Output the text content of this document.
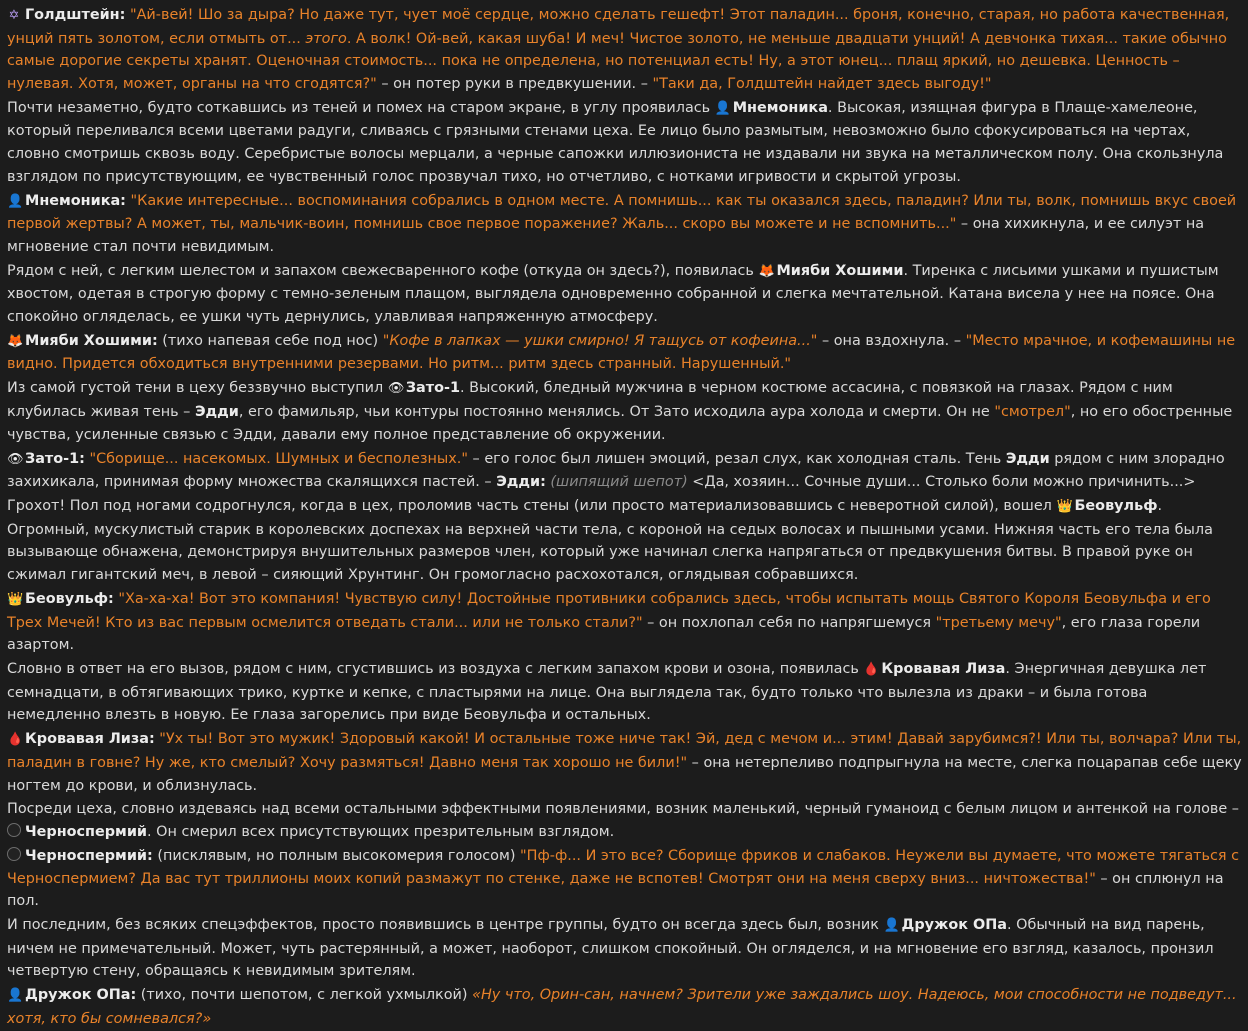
✡ Голдштейн: "Ай-вей! Шо за дыра? Но даже тут, чует моё сердце, можно сделать гешефт! Этот паладин... броня, конечно, старая, но работа качественная, унций пять золотом, если отмыть от... этого. А волк! Ой-вей, какая шуба! И меч! Чистое золото, не меньше двадцати унций! А девчонка тихая... такие обычно самые дорогие секреты хранят. Оценочная стоимость... пока не определена, но потенциал есть! Ну, а этот юнец... плащ яркий, но дешевка. Ценность – нулевая. Хотя, может, органы на что сгодятся?" – он потер руки в предвкушении. – "Таки да, Голдштейн найдет здесь выгоду!"

Почти незаметно, будто соткавшись из теней и помех на старом экране, в углу проявилась 👤 Мнемоника. Высокая, изящная фигура в Плаще-хамелеоне, который переливался всеми цветами радуги, сливаясь с грязными стенами цеха. Ее лицо было размытым, невозможно было сфокусироваться на чертах, словно смотришь сквозь воду. Серебристые волосы мерцали, а черные сапожки иллюзиониста не издавали ни звука на металлическом полу. Она скользнула взглядом по присутствующим, ее чувственный голос прозвучал тихо, но отчетливо, с нотками игривости и скрытой угрозы.

👤 Мнемоника: "Какие интересные... воспоминания собрались в одном месте. А помнишь... как ты оказался здесь, паладин? Или ты, волк, помнишь вкус своей первой жертвы? А может, ты, мальчик-воин, помнишь свое первое поражение? Жаль... скоро вы можете и не вспомнить..." – она хихикнула, и ее силуэт на мгновение стал почти невидимым.

Рядом с ней, с легким шелестом и запахом свежесваренного кофе (откуда он здесь?), появилась 🦊 Мияби Хошими. Тиренка с лисьими ушками и пушистым хвостом, одетая в строгую форму с темно-зеленым плащом, выглядела одновременно собранной и слегка мечтательной. Катана висела у нее на поясе. Она спокойно огляделась, ее ушки чуть дернулись, улавливая напряженную атмосферу.

🦊 Мияби Хошими: (тихо напевая себе под нос) "Кофе в лапках — ушки смирно! Я тащусь от кофеина..." – она вздохнула. – "Место мрачное, и кофемашины не видно. Придется обходиться внутренними резервами. Но ритм... ритм здесь странный. Нарушенный."

Из самой густой тени в цеху беззвучно выступил 👁Зато-1. Высокий, бледный мужчина в черном костюме ассасина, с повязкой на глазах. Рядом с ним клубилась живая тень – Эдди, его фамильяр, чьи контуры постоянно менялись. От Зато исходила аура холода и смерти. Он не "смотрел", но его обостренные чувства, усиленные связью с Эдди, давали ему полное представление об окружении.

👁Зато-1: "Сборище... насекомых. Шумных и бесполезных." – его голос был лишен эмоций, резал слух, как холодная сталь. Тень Эдди рядом с ним злорадно захихикала, принимая форму множества скалящихся пастей. – Эдди: (шипящий шепот) <Да, хозяин... Сочные души... Столько боли можно причинить...>

Грохот! Пол под ногами содрогнулся, когда в цех, проломив часть стены (или просто материализовавшись с неверотной силой), вошел 👑 Беовульф. Огромный, мускулистый старик в королевских доспехах на верхней части тела, с короной на седых волосах и пышными усами. Нижняя часть его тела была вызывающе обнажена, демонстрируя внушительных размеров член, который уже начинал слегка напрягаться от предвкушения битвы. В правой руке он сжимал гигантский меч, в левой – сияющий Хрунтинг. Он громогласно расхохотался, оглядывая собравшихся.

👑 Беовульф: "Ха-ха-ха! Вот это компания! Чувствую силу! Достойные противники собрались здесь, чтобы испытать мощь Святого Короля Беовульфа и его Трех Мечей! Кто из вас первым осмелится отведать стали... или не только стали?" – он похлопал себя по напрягшемуся "третьему мечу", его глаза горели азартом.

Словно в ответ на его вызов, рядом с ним, сгустившись из воздуха с легким запахом крови и озона, появилась 🩸 Кровавая Лиза. Энергичная девушка лет семнадцати, в обтягивающих трико, куртке и кепке, с пластырями на лице. Она выглядела так, будто только что вылезла из драки – и была готова немедленно влезть в новую. Ее глаза загорелись при виде Беовульфа и остальных.

🩸 Кровавая Лиза: "Ух ты! Вот это мужик! Здоровый какой! И остальные тоже ниче так! Эй, дед с мечом и... этим! Давай зарубимся?! Или ты, волчара? Или ты, паладин в говне? Ну же, кто смелый? Хочу размяться! Давно меня так хорошо не били!" – она нетерпеливо подпрыгнула на месте, слегка поцарапав себе щеку ногтем до крови, и облизнулась.

Посреди цеха, словно издеваясь над всеми остальными эффектными появлениями, возник маленький, черный гуманоид с белым лицом и антенкой на голове – Черноспермий. Он смерил всех присутствующих презрительным взглядом.

Черноспермий: (писклявым, но полным высокомерия голосом) "Пф-ф... И это все? Сборище фриков и слабаков. Неужели вы думаете, что можете тягаться с Черноспермием? Да вас тут триллионы моих копий размажут по стенке, даже не вспотев! Смотрят они на меня сверху вниз... ничтожества!" – он сплюнул на пол.

И последним, без всяких спецэффектов, просто появившись в центре группы, будто он всегда здесь был, возник 👤 Дружок ОПа. Обычный на вид парень, ничем не примечательный. Может, чуть растерянный, а может, наоборот, слишком спокойный. Он огляделся, и на мгновение его взгляд, казалось, пронзил четвертую стену, обращаясь к невидимым зрителям.

👤 Дружок ОПа: (тихо, почти шепотом, с легкой ухмылкой) «Ну что, Орин-сан, начнем? Зрители уже заждались шоу. Надеюсь, мои способности не подведут... хотя, кто бы сомневался?»
